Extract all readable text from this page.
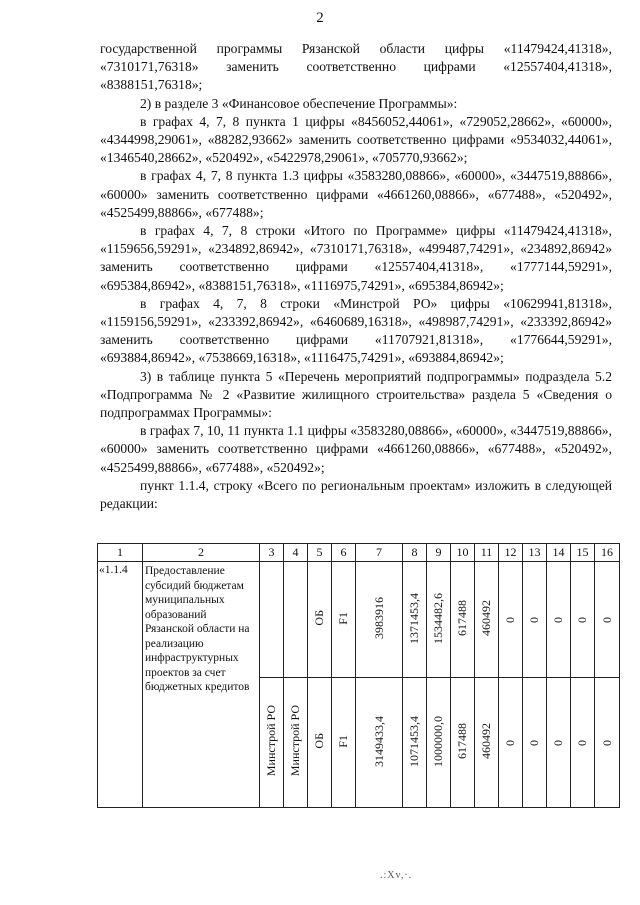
2

государственной программы Рязанской области цифры «11479424,41318», «7310171,76318» заменить соответственно цифрами «12557404,41318», «8388151,76318»;

2) в разделе 3 «Финансовое обеспечение Программы»:

в графах 4, 7, 8 пункта 1 цифры «8456052,44061», «729052,28662», «60000», «4344998,29061», «88282,93662» заменить соответственно цифрами «9534032,44061», «1346540,28662», «520492», «5422978,29061», «705770,93662»;

в графах 4, 7, 8 пункта 1.3 цифры «3583280,08866», «60000», «3447519,88866», «60000» заменить соответственно цифрами «4661260,08866», «677488», «520492», «4525499,88866», «677488»;

в графах 4, 7, 8 строки «Итого по Программе» цифры «11479424,41318», «1159656,59291», «234892,86942», «7310171,76318», «499487,74291», «234892,86942» заменить соответственно цифрами «12557404,41318», «1777144,59291», «695384,86942», «8388151,76318», «1116975,74291», «695384,86942»;

в графах 4, 7, 8 строки «Минстрой РО» цифры «10629941,81318», «1159156,59291», «233392,86942», «6460689,16318», «498987,74291», «233392,86942» заменить соответственно цифрами «11707921,81318», «1776644,59291», «693884,86942», «7538669,16318», «1116475,74291», «693884,86942»;

3) в таблице пункта 5 «Перечень мероприятий подпрограммы» подраздела 5.2 «Подпрограмма № 2 «Развитие жилищного строительства» раздела 5 «Сведения о подпрограммах Программы»:

в графах 7, 10, 11 пункта 1.1 цифры «3583280,08866», «60000», «3447519,88866», «60000» заменить соответственно цифрами «4661260,08866», «677488», «520492», «4525499,88866», «677488», «520492»;

пункт 1.1.4, строку «Всего по региональным проектам» изложить в следующей редакции:

1	2	3	4	5	6	7	8	9	10	11	12	13	14	15	16
«1.1.4	Предоставление субсидий бюджетам муниципальных образований Рязанской области на реализацию инфраструктурных проектов за счет бюджетных кредитов			ОБ	F1	3983916	1371453,4	1534482,6	617488	460492	0	0	0	0	0
		Минстрой РО	Минстрой РО	ОБ	F1	3149433,4	1071453,4	1000000,0	617488	460492	0	0	0	0	0
.:Xv,·.
